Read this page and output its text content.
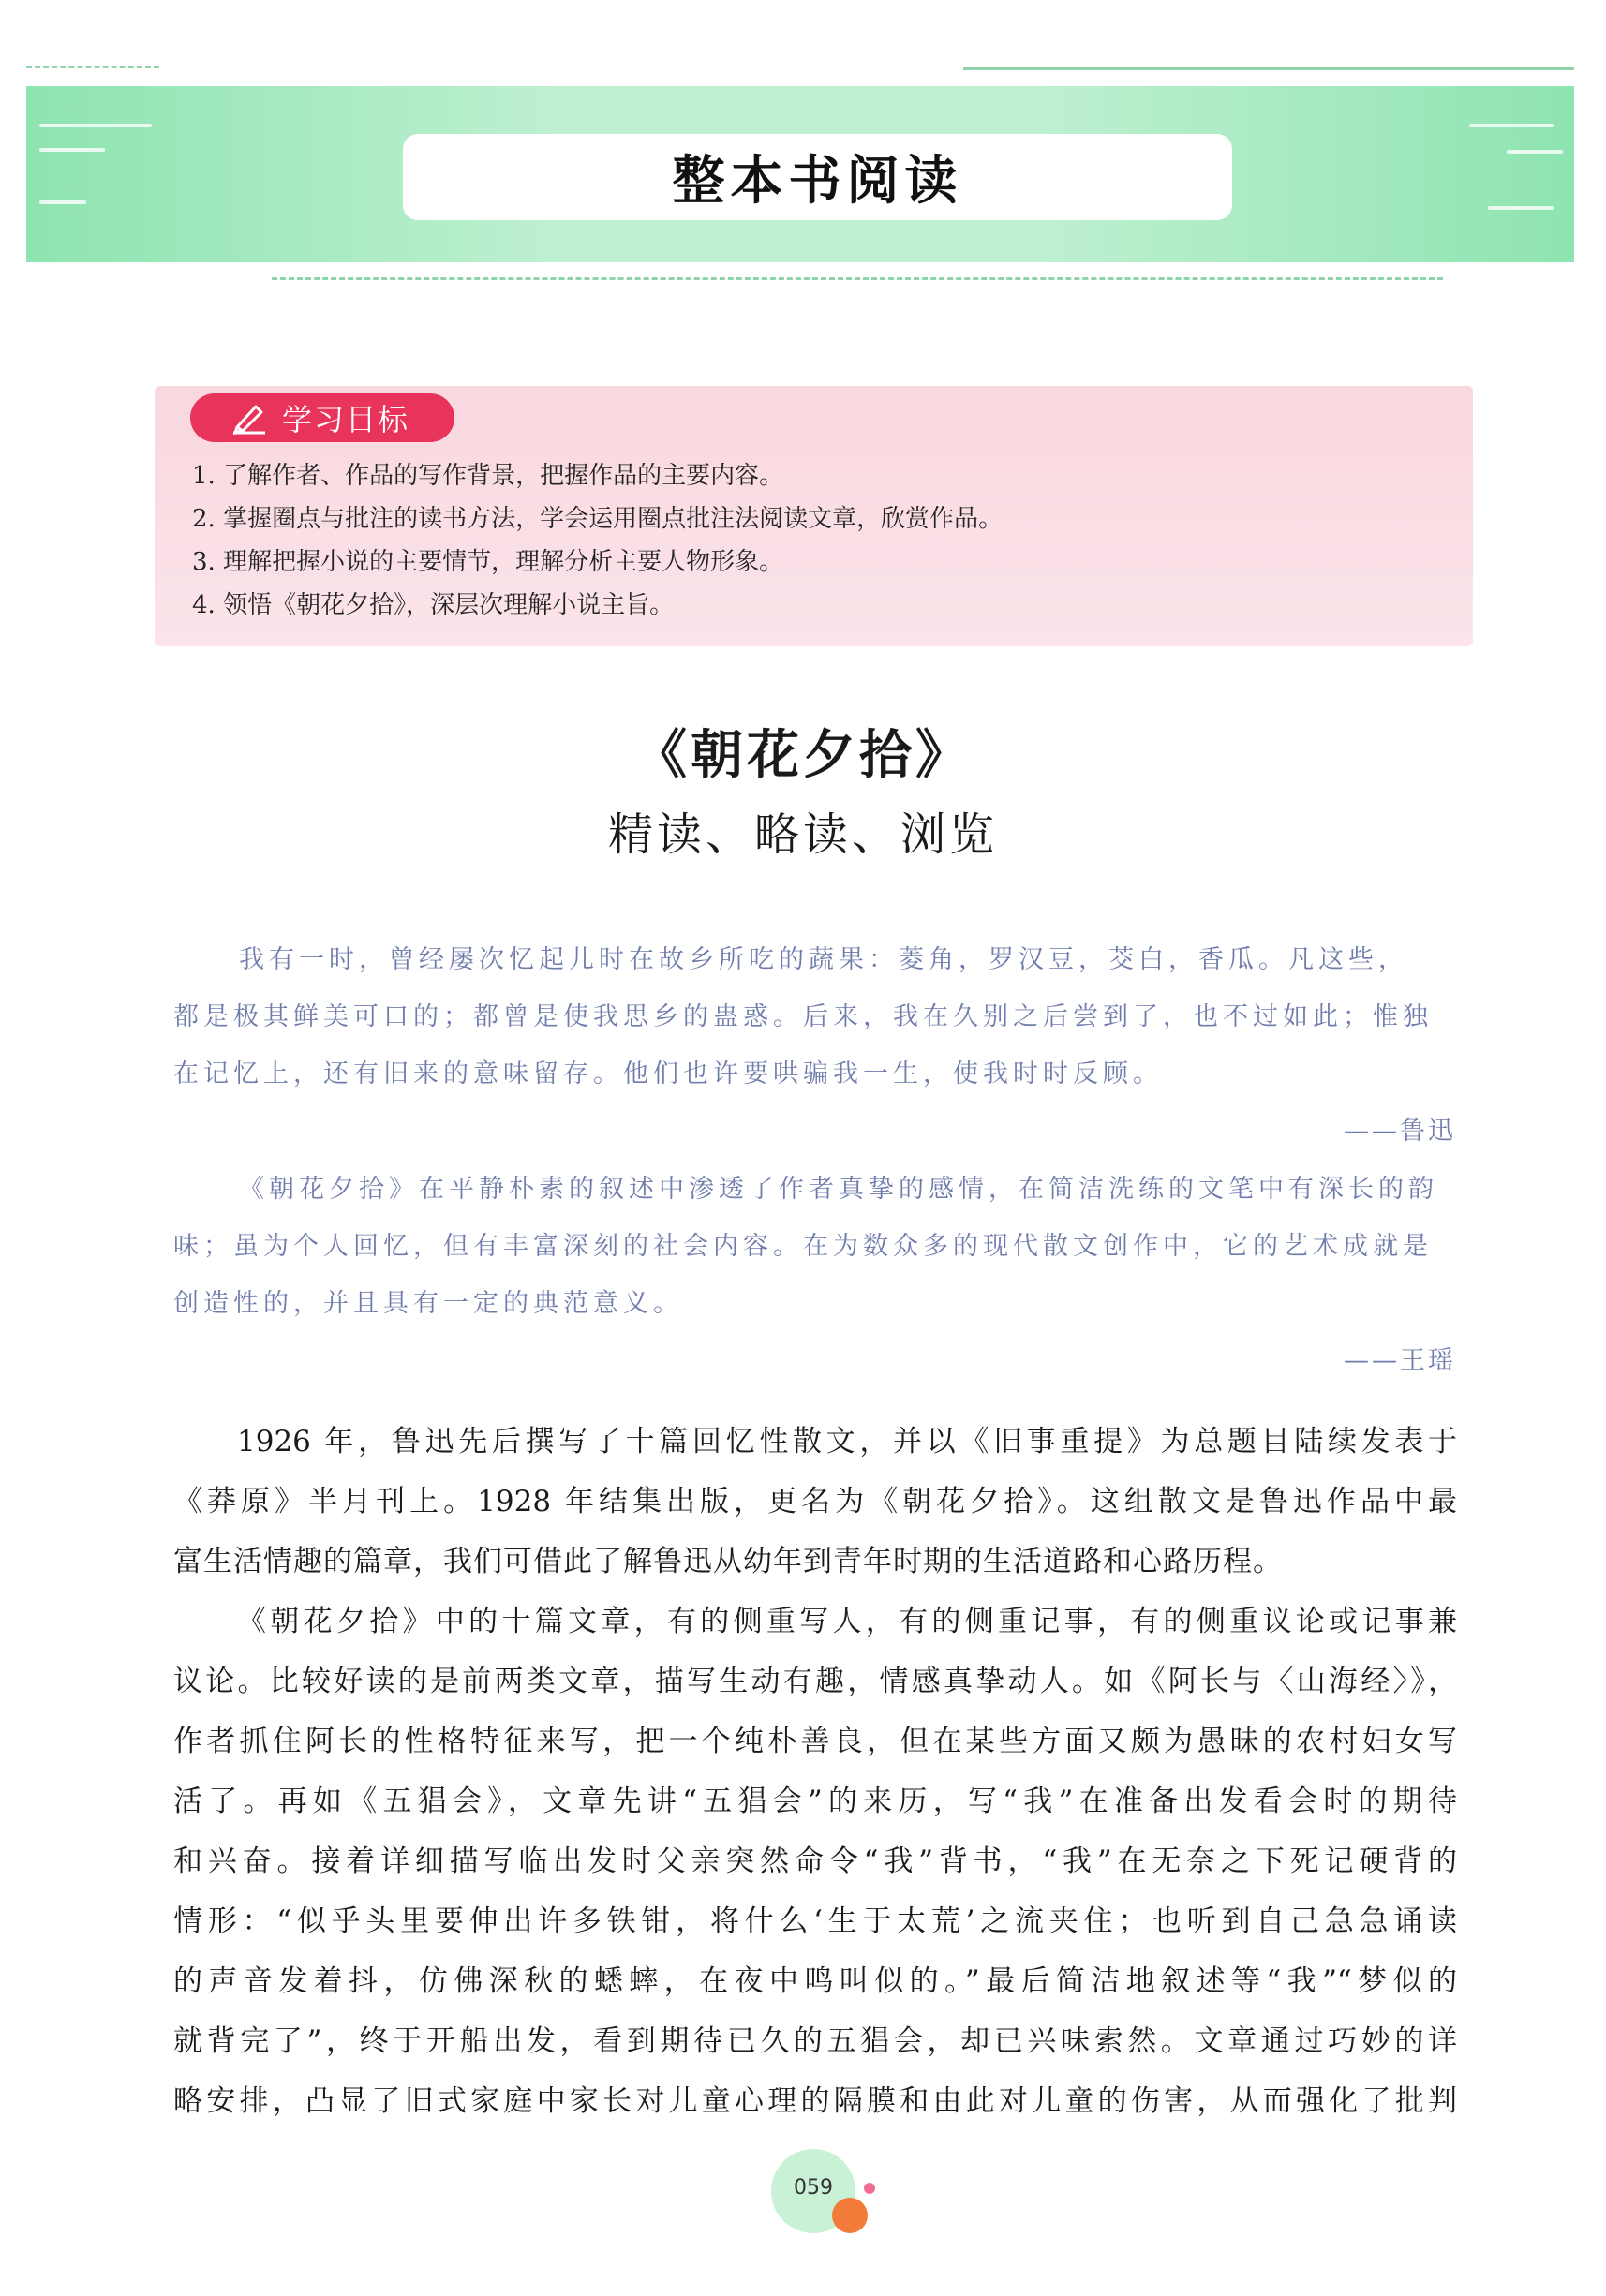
整本书阅读
学习目标
1. 了解作者、作品的写作背景，把握作品的主要内容。
2. 掌握圈点与批注的读书方法，学会运用圈点批注法阅读文章，欣赏作品。
3. 理解把握小说的主要情节，理解分析主要人物形象。
4. 领悟《朝花夕拾》，深层次理解小说主旨。
《朝花夕拾》
精读、略读、浏览
我有一时，曾经屡次忆起儿时在故乡所吃的蔬果：菱角，罗汉豆，茭白，香瓜。凡这些，
都是极其鲜美可口的；都曾是使我思乡的蛊惑。后来，我在久别之后尝到了，也不过如此；惟独
在记忆上，还有旧来的意味留存。他们也许要哄骗我一生，使我时时反顾。
——鲁迅
《朝花夕拾》在平静朴素的叙述中渗透了作者真挚的感情，在简洁洗练的文笔中有深长的韵
味；虽为个人回忆，但有丰富深刻的社会内容。在为数众多的现代散文创作中，它的艺术成就是
创造性的，并且具有一定的典范意义。
——王瑶
1926 年，鲁迅先后撰写了十篇回忆性散文，并以《旧事重提》为总题目陆续发表于
《莽原》半月刊上。1928 年结集出版，更名为《朝花夕拾》。这组散文是鲁迅作品中最
富生活情趣的篇章，我们可借此了解鲁迅从幼年到青年时期的生活道路和心路历程。
《朝花夕拾》中的十篇文章，有的侧重写人，有的侧重记事，有的侧重议论或记事兼
议论。比较好读的是前两类文章，描写生动有趣，情感真挚动人。如《阿长与〈山海经〉》，
作者抓住阿长的性格特征来写，把一个纯朴善良，但在某些方面又颇为愚昧的农村妇女写
活了。再如《五猖会》，文章先讲“五猖会”的来历，写“我”在准备出发看会时的期待
和兴奋。接着详细描写临出发时父亲突然命令“我”背书，“我”在无奈之下死记硬背的
情形：“似乎头里要伸出许多铁钳，将什么‘生于太荒’之流夹住；也听到自己急急诵读
的声音发着抖，仿佛深秋的蟋蟀，在夜中鸣叫似的。”最后简洁地叙述等“我”“梦似的
就背完了”，终于开船出发，看到期待已久的五猖会，却已兴味索然。文章通过巧妙的详
略安排，凸显了旧式家庭中家长对儿童心理的隔膜和由此对儿童的伤害，从而强化了批判
059
